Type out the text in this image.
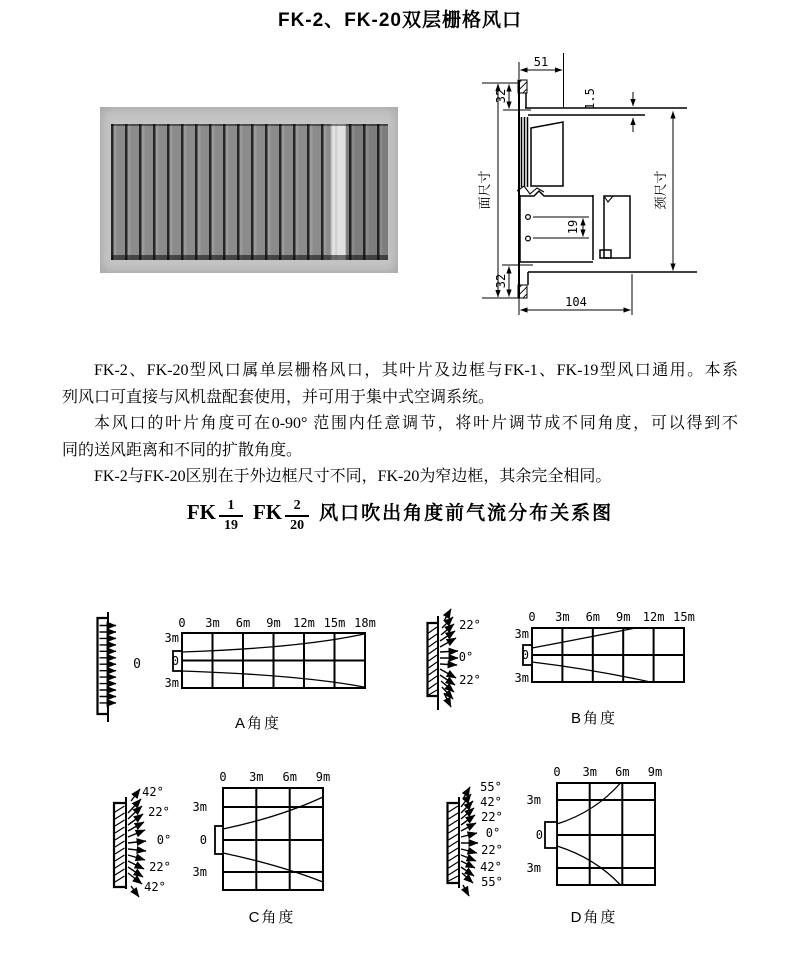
FK-2、FK-20双层栅格风口
51
1.5
32
32
19
104
面尺寸	颈尺寸
FK-2、FK-20型风口属单层栅格风口，其叶片及边框与FK-1、FK-19型风口通用。本系
列风口可直接与风机盘配套使用，并可用于集中式空调系统。
本风口的叶片角度可在0-90° 范围内任意调节，将叶片调节成不同角度，可以得到不
同的送风距离和不同的扩散角度。
FK-2与FK-20区别在于外边框尺寸不同，FK-20为窄边框，其余完全相同。
FK $\frac{1}{19}$ FK $\frac{2}{20}$ 风口吹出角度前气流分布关系图
0
0 3m 6m 9m 12m 15m 18m
3m
0
3m
A角度
22°
0°
22°
0 3m 6m 9m 12m 15m
3m
0
3m
B角度
42°
22°
0°
22°
42°
0 3m 6m 9m
3m
0
3m
C角度
55°
42°
22°
0°
22°
42°
55°
0 3m 6m 9m
3m
0
3m
D角度
